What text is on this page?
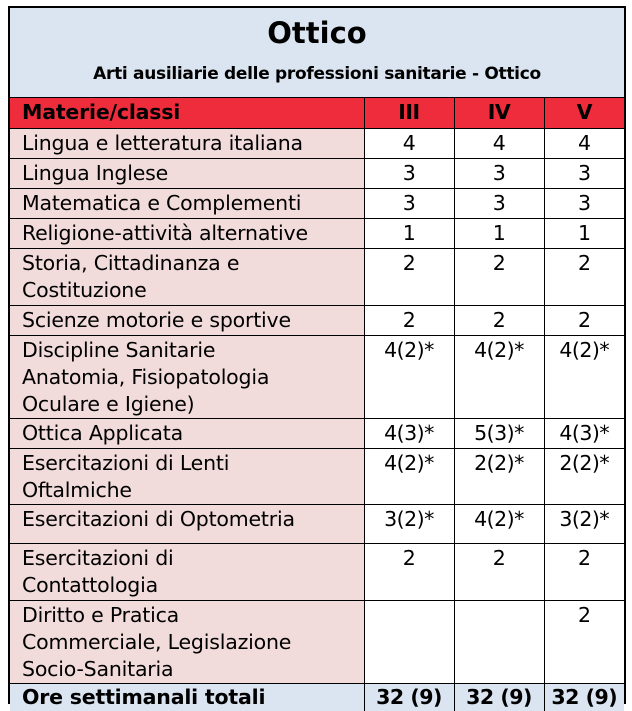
Ottico
Arti ausiliarie delle professioni sanitarie - Ottico
Materie/classi	III	IV	V

Lingua e letteratura italiana	4	4	4

Lingua Inglese	3	3	3

Matematica e Complementi	3	3	3

Religione-attività alternative	1	1	1

Storia, Cittadinanza e
Costituzione	2	2	2

Scienze motorie e sportive	2	2	2

Discipline Sanitarie
Anatomia, Fisiopatologia
Oculare e Igiene)	4(2)*	4(2)*	4(2)*

Ottica Applicata	4(3)*	5(3)*	4(3)*

Esercitazioni di Lenti
Oftalmiche	4(2)*	2(2)*	2(2)*

Esercitazioni di Optometria	3(2)*	4(2)*	3(2)*

Esercitazioni di
Contattologia	2	2	2

Diritto e Pratica
Commerciale, Legislazione
Socio-Sanitaria			2

Ore settimanali totali	32 (9)	32 (9)	32 (9)
